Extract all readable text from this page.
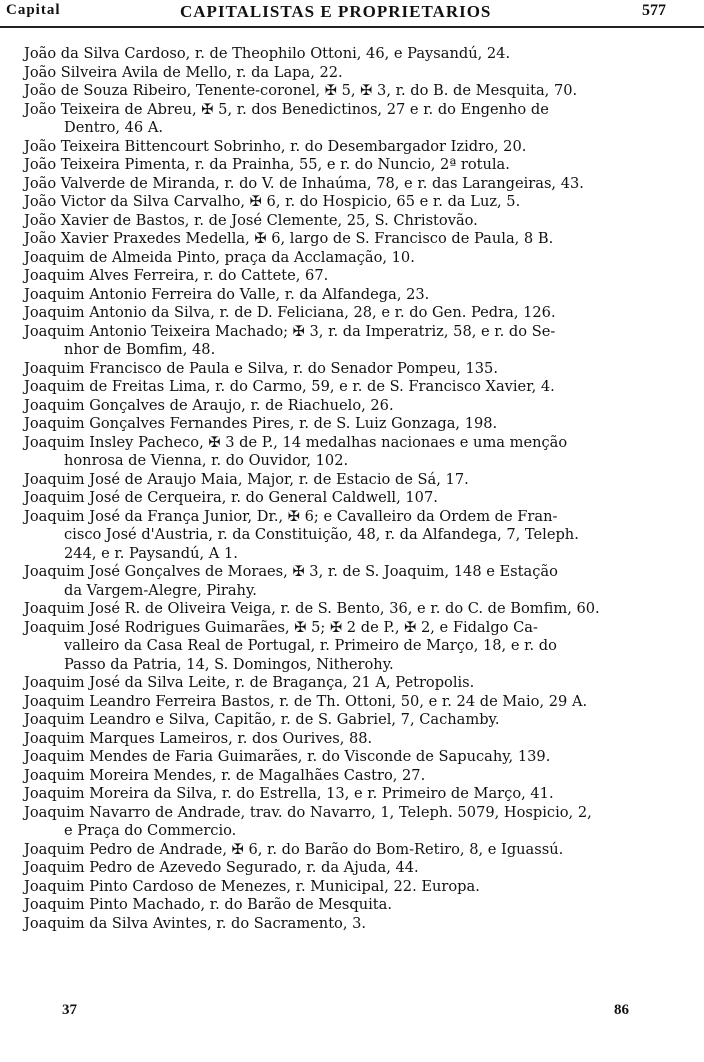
Capital	CAPITALISTAS E PROPRIETARIOS	577
João da Silva Cardoso, r. de Theophilo Ottoni, 46, e Paysandú, 24.
João Silveira Avila de Mello, r. da Lapa, 22.
João de Souza Ribeiro, Tenente-coronel, ✠ 5, ✠ 3, r. do B. de Mesquita, 70.
João Teixeira de Abreu, ✠ 5, r. dos Benedictinos, 27 e r. do Engenho de
Dentro, 46 A.
João Teixeira Bittencourt Sobrinho, r. do Desembargador Izidro, 20.
João Teixeira Pimenta, r. da Prainha, 55, e r. do Nuncio, 2ª rotula.
João Valverde de Miranda, r. do V. de Inhaúma, 78, e r. das Larangeiras, 43.
João Victor da Silva Carvalho, ✠ 6, r. do Hospicio, 65 e r. da Luz, 5.
João Xavier de Bastos, r. de José Clemente, 25, S. Christovão.
João Xavier Praxedes Medella, ✠ 6, largo de S. Francisco de Paula, 8 B.
Joaquim de Almeida Pinto, praça da Acclamação, 10.
Joaquim Alves Ferreira, r. do Cattete, 67.
Joaquim Antonio Ferreira do Valle, r. da Alfandega, 23.
Joaquim Antonio da Silva, r. de D. Feliciana, 28, e r. do Gen. Pedra, 126.
Joaquim Antonio Teixeira Machado; ✠ 3, r. da Imperatriz, 58, e r. do Se-
nhor de Bomfim, 48.
Joaquim Francisco de Paula e Silva, r. do Senador Pompeu, 135.
Joaquim de Freitas Lima, r. do Carmo, 59, e r. de S. Francisco Xavier, 4.
Joaquim Gonçalves de Araujo, r. de Riachuelo, 26.
Joaquim Gonçalves Fernandes Pires, r. de S. Luiz Gonzaga, 198.
Joaquim Insley Pacheco, ✠ 3 de P., 14 medalhas nacionaes e uma menção
honrosa de Vienna, r. do Ouvidor, 102.
Joaquim José de Araujo Maia, Major, r. de Estacio de Sá, 17.
Joaquim José de Cerqueira, r. do General Caldwell, 107.
Joaquim José da França Junior, Dr., ✠ 6; e Cavalleiro da Ordem de Fran-
cisco José d'Austria, r. da Constituição, 48, r. da Alfandega, 7, Teleph.
244, e r. Paysandú, A 1.
Joaquim José Gonçalves de Moraes, ✠ 3, r. de S. Joaquim, 148 e Estação
da Vargem-Alegre, Pirahy.
Joaquim José R. de Oliveira Veiga, r. de S. Bento, 36, e r. do C. de Bomfim, 60.
Joaquim José Rodrigues Guimarães, ✠ 5; ✠ 2 de P., ✠ 2, e Fidalgo Ca-
valleiro da Casa Real de Portugal, r. Primeiro de Março, 18, e r. do
Passo da Patria, 14, S. Domingos, Nitherohy.
Joaquim José da Silva Leite, r. de Bragança, 21 A, Petropolis.
Joaquim Leandro Ferreira Bastos, r. de Th. Ottoni, 50, e r. 24 de Maio, 29 A.
Joaquim Leandro e Silva, Capitão, r. de S. Gabriel, 7, Cachamby.
Joaquim Marques Lameiros, r. dos Ourives, 88.
Joaquim Mendes de Faria Guimarães, r. do Visconde de Sapucahy, 139.
Joaquim Moreira Mendes, r. de Magalhães Castro, 27.
Joaquim Moreira da Silva, r. do Estrella, 13, e r. Primeiro de Março, 41.
Joaquim Navarro de Andrade, trav. do Navarro, 1, Teleph. 5079, Hospicio, 2,
e Praça do Commercio.
Joaquim Pedro de Andrade, ✠ 6, r. do Barão do Bom-Retiro, 8, e Iguassú.
Joaquim Pedro de Azevedo Segurado, r. da Ajuda, 44.
Joaquim Pinto Cardoso de Menezes, r. Municipal, 22. Europa.
Joaquim Pinto Machado, r. do Barão de Mesquita.
Joaquim da Silva Avintes, r. do Sacramento, 3.
37	86
